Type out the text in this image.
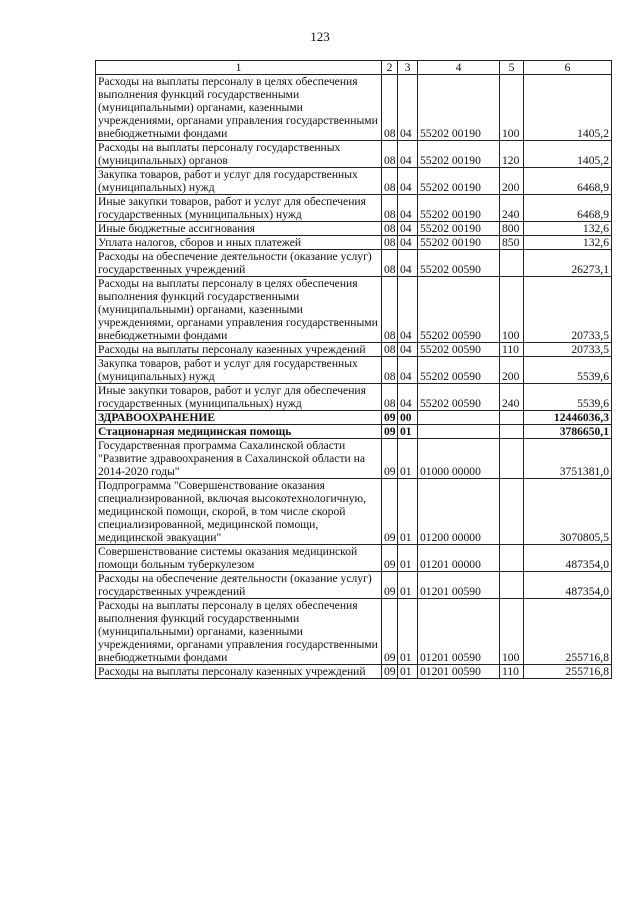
123
1	2	3	4	5	6
Расходы на выплаты персоналу в целях обеспечения выполнения функций государственными (муниципальными) органами, казенными учреждениями, органами управления государственными внебюджетными фондами	08	04	55202 00190	100	1405,2
Расходы на выплаты персоналу государственных (муниципальных) органов	08	04	55202 00190	120	1405,2
Закупка товаров, работ и услуг для государственных (муниципальных) нужд	08	04	55202 00190	200	6468,9
Иные закупки товаров, работ и услуг для обеспечения государственных (муниципальных) нужд	08	04	55202 00190	240	6468,9
Иные бюджетные ассигнования	08	04	55202 00190	800	132,6
Уплата налогов, сборов и иных платежей	08	04	55202 00190	850	132,6
Расходы на обеспечение деятельности (оказание услуг) государственных учреждений	08	04	55202 00590		26273,1
Расходы на выплаты персоналу в целях обеспечения выполнения функций государственными (муниципальными) органами, казенными учреждениями, органами управления государственными внебюджетными фондами	08	04	55202 00590	100	20733,5
Расходы на выплаты персоналу казенных учреждений	08	04	55202 00590	110	20733,5
Закупка товаров, работ и услуг для государственных (муниципальных) нужд	08	04	55202 00590	200	5539,6
Иные закупки товаров, работ и услуг для обеспечения государственных (муниципальных) нужд	08	04	55202 00590	240	5539,6
ЗДРАВООХРАНЕНИЕ	09	00			12446036,3
Стационарная медицинская помощь	09	01			3786650,1
Государственная программа Сахалинской области "Развитие здравоохранения в Сахалинской области на 2014-2020 годы"	09	01	01000 00000		3751381,0
Подпрограмма "Совершенствование оказания специализированной, включая высокотехнологичную, медицинской помощи, скорой, в том числе скорой специализированной, медицинской помощи, медицинской эвакуации"	09	01	01200 00000		3070805,5
Совершенствование системы оказания медицинской помощи больным туберкулезом	09	01	01201 00000		487354,0
Расходы на обеспечение деятельности (оказание услуг) государственных учреждений	09	01	01201 00590		487354,0
Расходы на выплаты персоналу в целях обеспечения выполнения функций государственными (муниципальными) органами, казенными учреждениями, органами управления государственными внебюджетными фондами	09	01	01201 00590	100	255716,8
Расходы на выплаты персоналу казенных учреждений	09	01	01201 00590	110	255716,8
